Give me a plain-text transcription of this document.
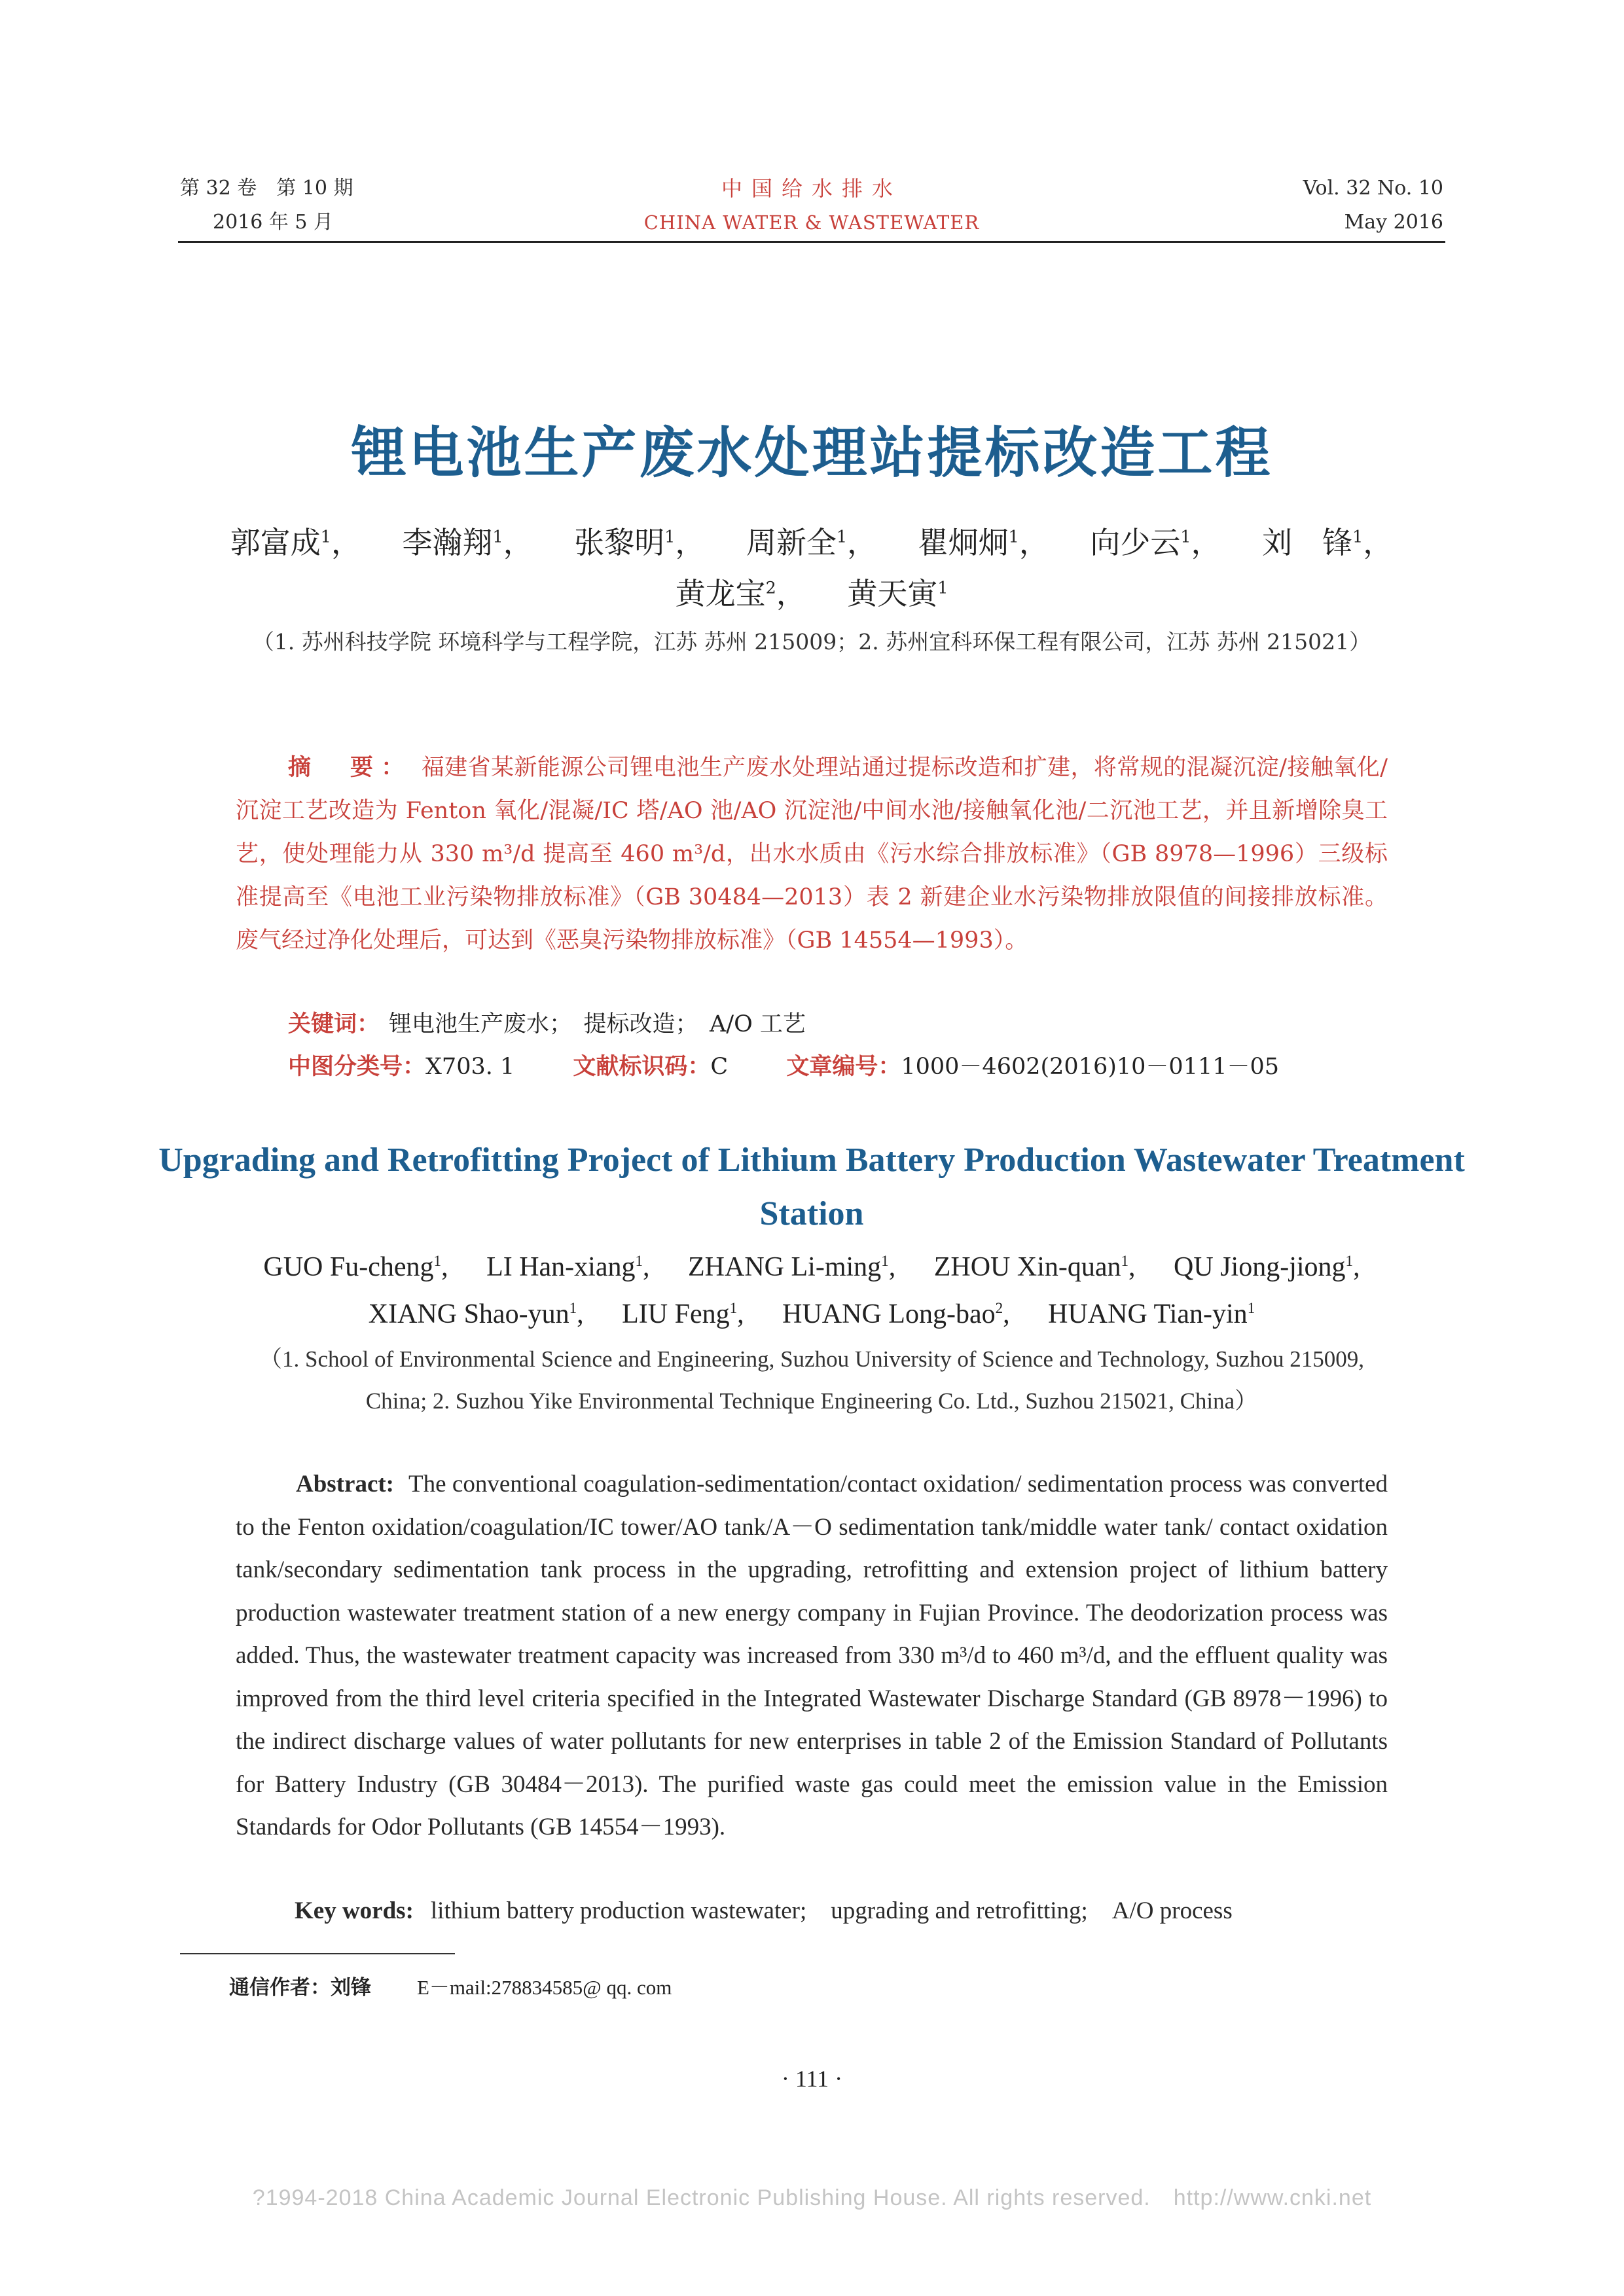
第 32 卷　第 10 期
2016 年 5 月
中国给水排水
CHINA WATER & WASTEWATER
Vol. 32 No. 10
May 2016
锂电池生产废水处理站提标改造工程
郭富成$^1$， 李瀚翔$^1$， 张黎明$^1$， 周新全$^1$， 瞿炯炯$^1$， 向少云$^1$， 刘　锋$^1$，
黄龙宝$^2$， 黄天寅$^1$
（1. 苏州科技学院 环境科学与工程学院，江苏 苏州 215009；2. 苏州宜科环保工程有限公司，江苏 苏州 215021）
摘　要： 福建省某新能源公司锂电池生产废水处理站通过提标改造和扩建，将常规的混凝沉淀/接触氧化/沉淀工艺改造为 Fenton 氧化/混凝/IC 塔/AO 池/AO 沉淀池/中间水池/接触氧化池/二沉池工艺，并且新增除臭工艺，使处理能力从 330 m³/d 提高至 460 m³/d，出水水质由《污水综合排放标准》（GB 8978—1996）三级标准提高至《电池工业污染物排放标准》（GB 30484—2013）表 2 新建企业水污染物排放限值的间接排放标准。废气经过净化处理后，可达到《恶臭污染物排放标准》（GB 14554—1993）。
关键词： 锂电池生产废水；　提标改造；　A/O 工艺
中图分类号：X703. 1	文献标识码：C	文章编号：1000－4602(2016)10－0111－05
Upgrading and Retrofitting Project of Lithium Battery Production Wastewater Treatment Station
GUO Fu-cheng$^1$, LI Han-xiang$^1$, ZHANG Li-ming$^1$, ZHOU Xin-quan$^1$, QU Jiong-jiong$^1$,
XIANG Shao-yun$^1$, LIU Feng$^1$, HUANG Long-bao$^2$, HUANG Tian-yin$^1$
（1. School of Environmental Science and Engineering, Suzhou University of Science and Technology, Suzhou 215009, China; 2. Suzhou Yike Environmental Technique Engineering Co. Ltd., Suzhou 215021, China）
Abstract: The conventional coagulation-sedimentation/contact oxidation/ sedimentation process was converted to the Fenton oxidation/coagulation/IC tower/AO tank/A－O sedimentation tank/middle water tank/ contact oxidation tank/secondary sedimentation tank process in the upgrading, retrofitting and extension project of lithium battery production wastewater treatment station of a new energy company in Fujian Province. The deodorization process was added. Thus, the wastewater treatment capacity was increased from 330 m³/d to 460 m³/d, and the effluent quality was improved from the third level criteria specified in the Integrated Wastewater Discharge Standard (GB 8978－1996) to the indirect discharge values of water pollutants for new enterprises in table 2 of the Emission Standard of Pollutants for Battery Industry (GB 30484－2013). The purified waste gas could meet the emission value in the Emission Standards for Odor Pollutants (GB 14554－1993).
Key words: lithium battery production wastewater;　upgrading and retrofitting;　A/O process
通信作者：刘锋 E－mail:278834585@ qq. com
· 111 ·
?1994-2018 China Academic Journal Electronic Publishing House. All rights reserved.　http://www.cnki.net
